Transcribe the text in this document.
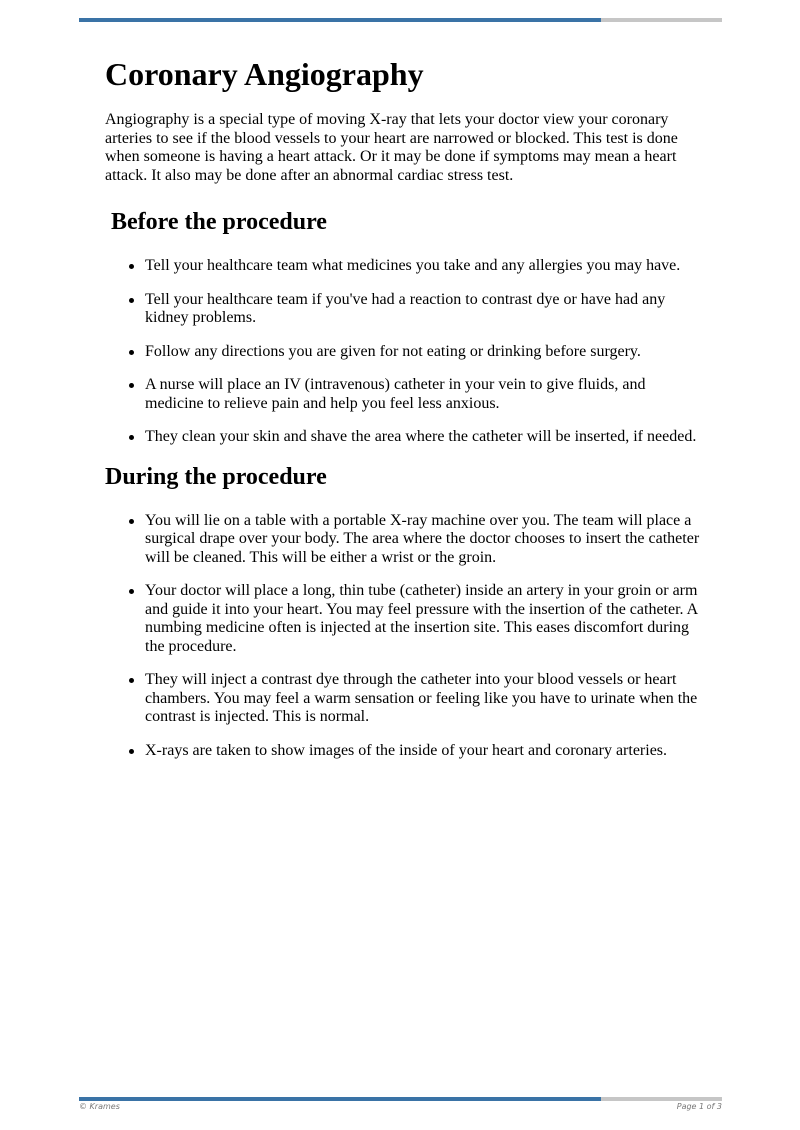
Coronary Angiography

Angiography is a special type of moving X-ray that lets your doctor view your coronary arteries to see if the blood vessels to your heart are narrowed or blocked. This test is done when someone is having a heart attack. Or it may be done if symptoms may mean a heart attack. It also may be done after an abnormal cardiac stress test.

Before the procedure
Tell your healthcare team what medicines you take and any allergies you may have.
Tell your healthcare team if you've had a reaction to contrast dye or have had any kidney problems.
Follow any directions you are given for not eating or drinking before surgery.
A nurse will place an IV (intravenous) catheter in your vein to give fluids, and medicine to relieve pain and help you feel less anxious.
They clean your skin and shave the area where the catheter will be inserted, if needed.
During the procedure
You will lie on a table with a portable X-ray machine over you. The team will place a surgical drape over your body. The area where the doctor chooses to insert the catheter will be cleaned. This will be either a wrist or the groin.
Your doctor will place a long, thin tube (catheter) inside an artery in your groin or arm and guide it into your heart. You may feel pressure with the insertion of the catheter. A numbing medicine often is injected at the insertion site. This eases discomfort during the procedure.
They will inject a contrast dye through the catheter into your blood vessels or heart chambers. You may feel a warm sensation or feeling like you have to urinate when the contrast is injected. This is normal.
X-rays are taken to show images of the inside of your heart and coronary arteries.
© Krames	Page 1 of 3
